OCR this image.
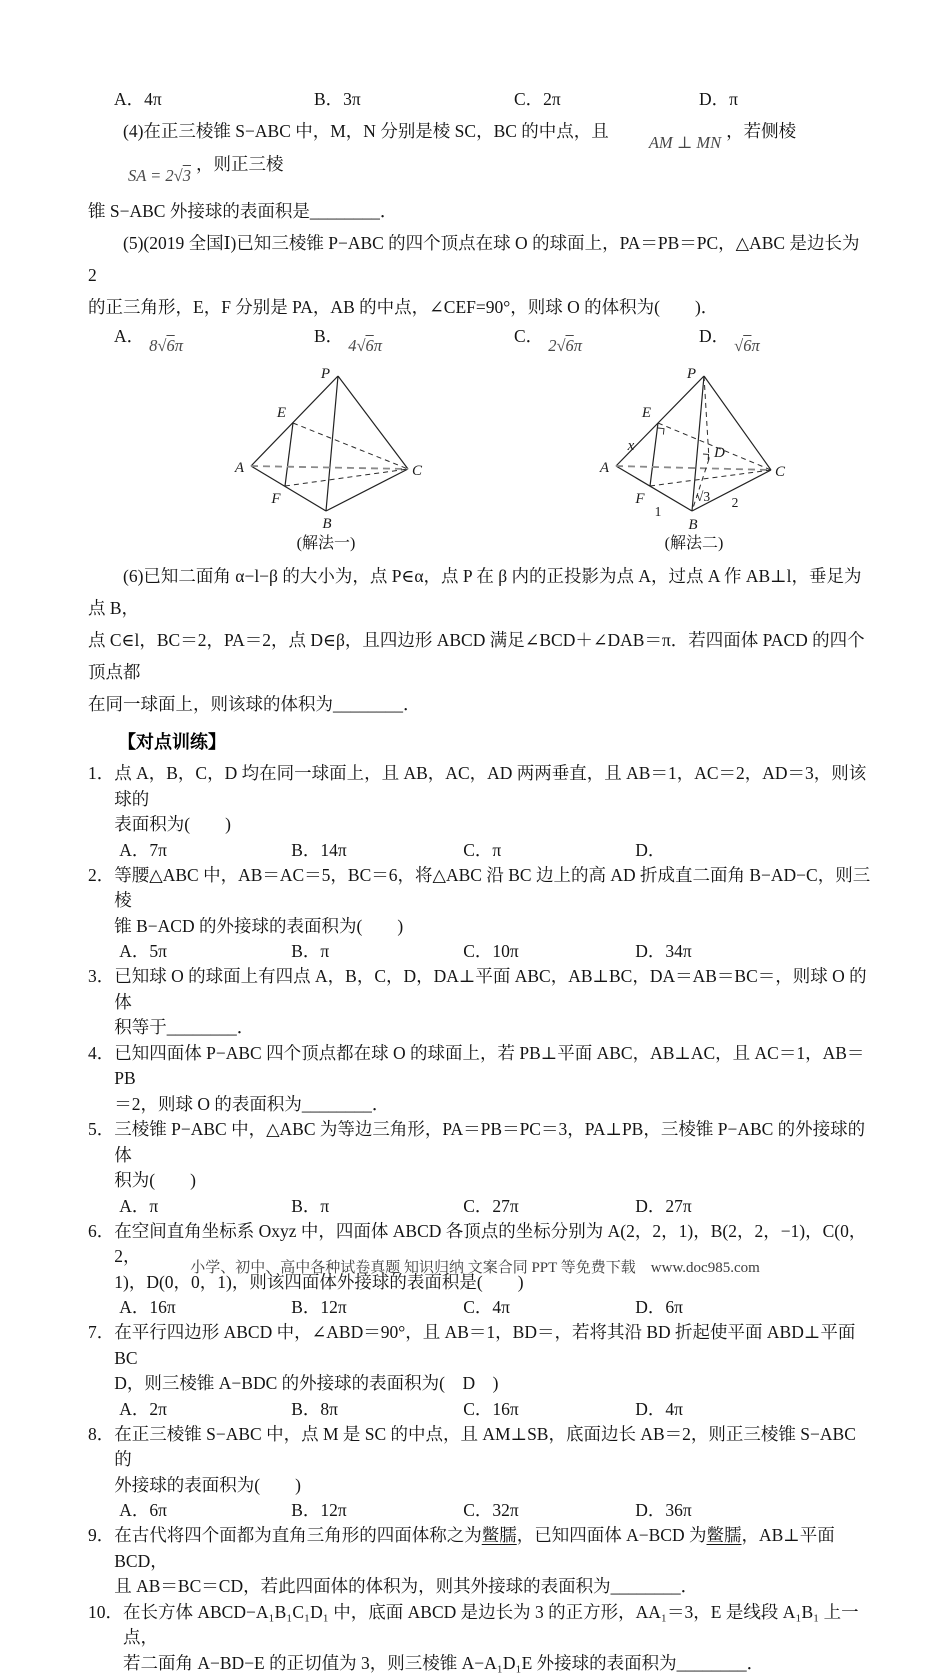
A．4π	B．3π	C．2π	D．π

(4)在正三棱锥 S−ABC 中，M，N 分别是棱 SC，BC 的中点，且AM ⊥ MN，若侧棱SA = 2√3，则正三棱

锥 S−ABC 外接球的表面积是________．

(5)(2019 全国Ⅰ)已知三棱锥 P−ABC 的四个顶点在球 O 的球面上，PA＝PB＝PC，△ABC 是边长为 2

的正三角形，E，F 分别是 PA，AB 的中点，∠CEF=90°，则球 O 的体积为(　　)．

A． 8√6π	B． 4√6π	C． 2√6π	D． √6π
P
E
A	C
F
B
(解法一)
P
E
x
A	C
D
F
1
√3 2
B
(解法二)

(6)已知二面角 α−l−β 的大小为，点 P∈α，点 P 在 β 内的正投影为点 A，过点 A 作 AB⊥l，垂足为点 B，

点 C∈l，BC＝2，PA＝2，点 D∈β，且四边形 ABCD 满足∠BCD＋∠DAB＝π．若四面体 PACD 的四个顶点都

在同一球面上，则该球的体积为________．

【对点训练】
1． 点 A，B，C，D 均在同一球面上，且 AB，AC，AD 两两垂直，且 AB＝1，AC＝2，AD＝3，则该球的

表面积为(　　)

A．7π	B．14π	C．π	D．
2． 等腰△ABC 中，AB＝AC＝5，BC＝6，将△ABC 沿 BC 边上的高 AD 折成直二面角 B−AD−C，则三棱

锥 B−ACD 的外接球的表面积为(　　)

A．5π	B．π	C．10π	D．34π
3． 已知球 O 的球面上有四点 A，B，C，D，DA⊥平面 ABC，AB⊥BC，DA＝AB＝BC＝，则球 O 的体

积等于________．

4． 已知四面体 P−ABC 四个顶点都在球 O 的球面上，若 PB⊥平面 ABC，AB⊥AC，且 AC＝1，AB＝PB

＝2，则球 O 的表面积为________．

5． 三棱锥 P−ABC 中，△ABC 为等边三角形，PA＝PB＝PC＝3，PA⊥PB，三棱锥 P−ABC 的外接球的体

积为(　　)

A．π	B．π	C．27π	D．27π
6． 在空间直角坐标系 Oxyz 中，四面体 ABCD 各顶点的坐标分别为 A(2，2，1)，B(2，2，−1)，C(0，2，

1)，D(0，0，1)，则该四面体外接球的表面积是(　　)

A．16π	B．12π	C．4π	D．6π
7． 在平行四边形 ABCD 中，∠ABD＝90°，且 AB＝1，BD＝，若将其沿 BD 折起使平面 ABD⊥平面 BC

D，则三棱锥 A−BDC 的外接球的表面积为(　D　)

A．2π	B．8π	C．16π	D．4π
8． 在正三棱锥 S−ABC 中，点 M 是 SC 的中点，且 AM⊥SB，底面边长 AB＝2，则正三棱锥 S−ABC 的

外接球的表面积为(　　)

A．6π	B．12π	C．32π	D．36π
9． 在古代将四个面都为直角三角形的四面体称之为鳖臑，已知四面体 A−BCD 为鳖臑，AB⊥平面 BCD，

且 AB＝BC＝CD，若此四面体的体积为，则其外接球的表面积为________．

10． 在长方体 ABCD−A₁B₁C₁D₁ 中，底面 ABCD 是边长为 3 的正方形，AA₁＝3，E 是线段 A₁B₁ 上一点，

若二面角 A−BD−E 的正切值为 3，则三棱锥 A−A₁D₁E 外接球的表面积为________．

小学、初中、高中各种试卷真题 知识归纳 文案合同 PPT 等免费下载　www.doc985.com
